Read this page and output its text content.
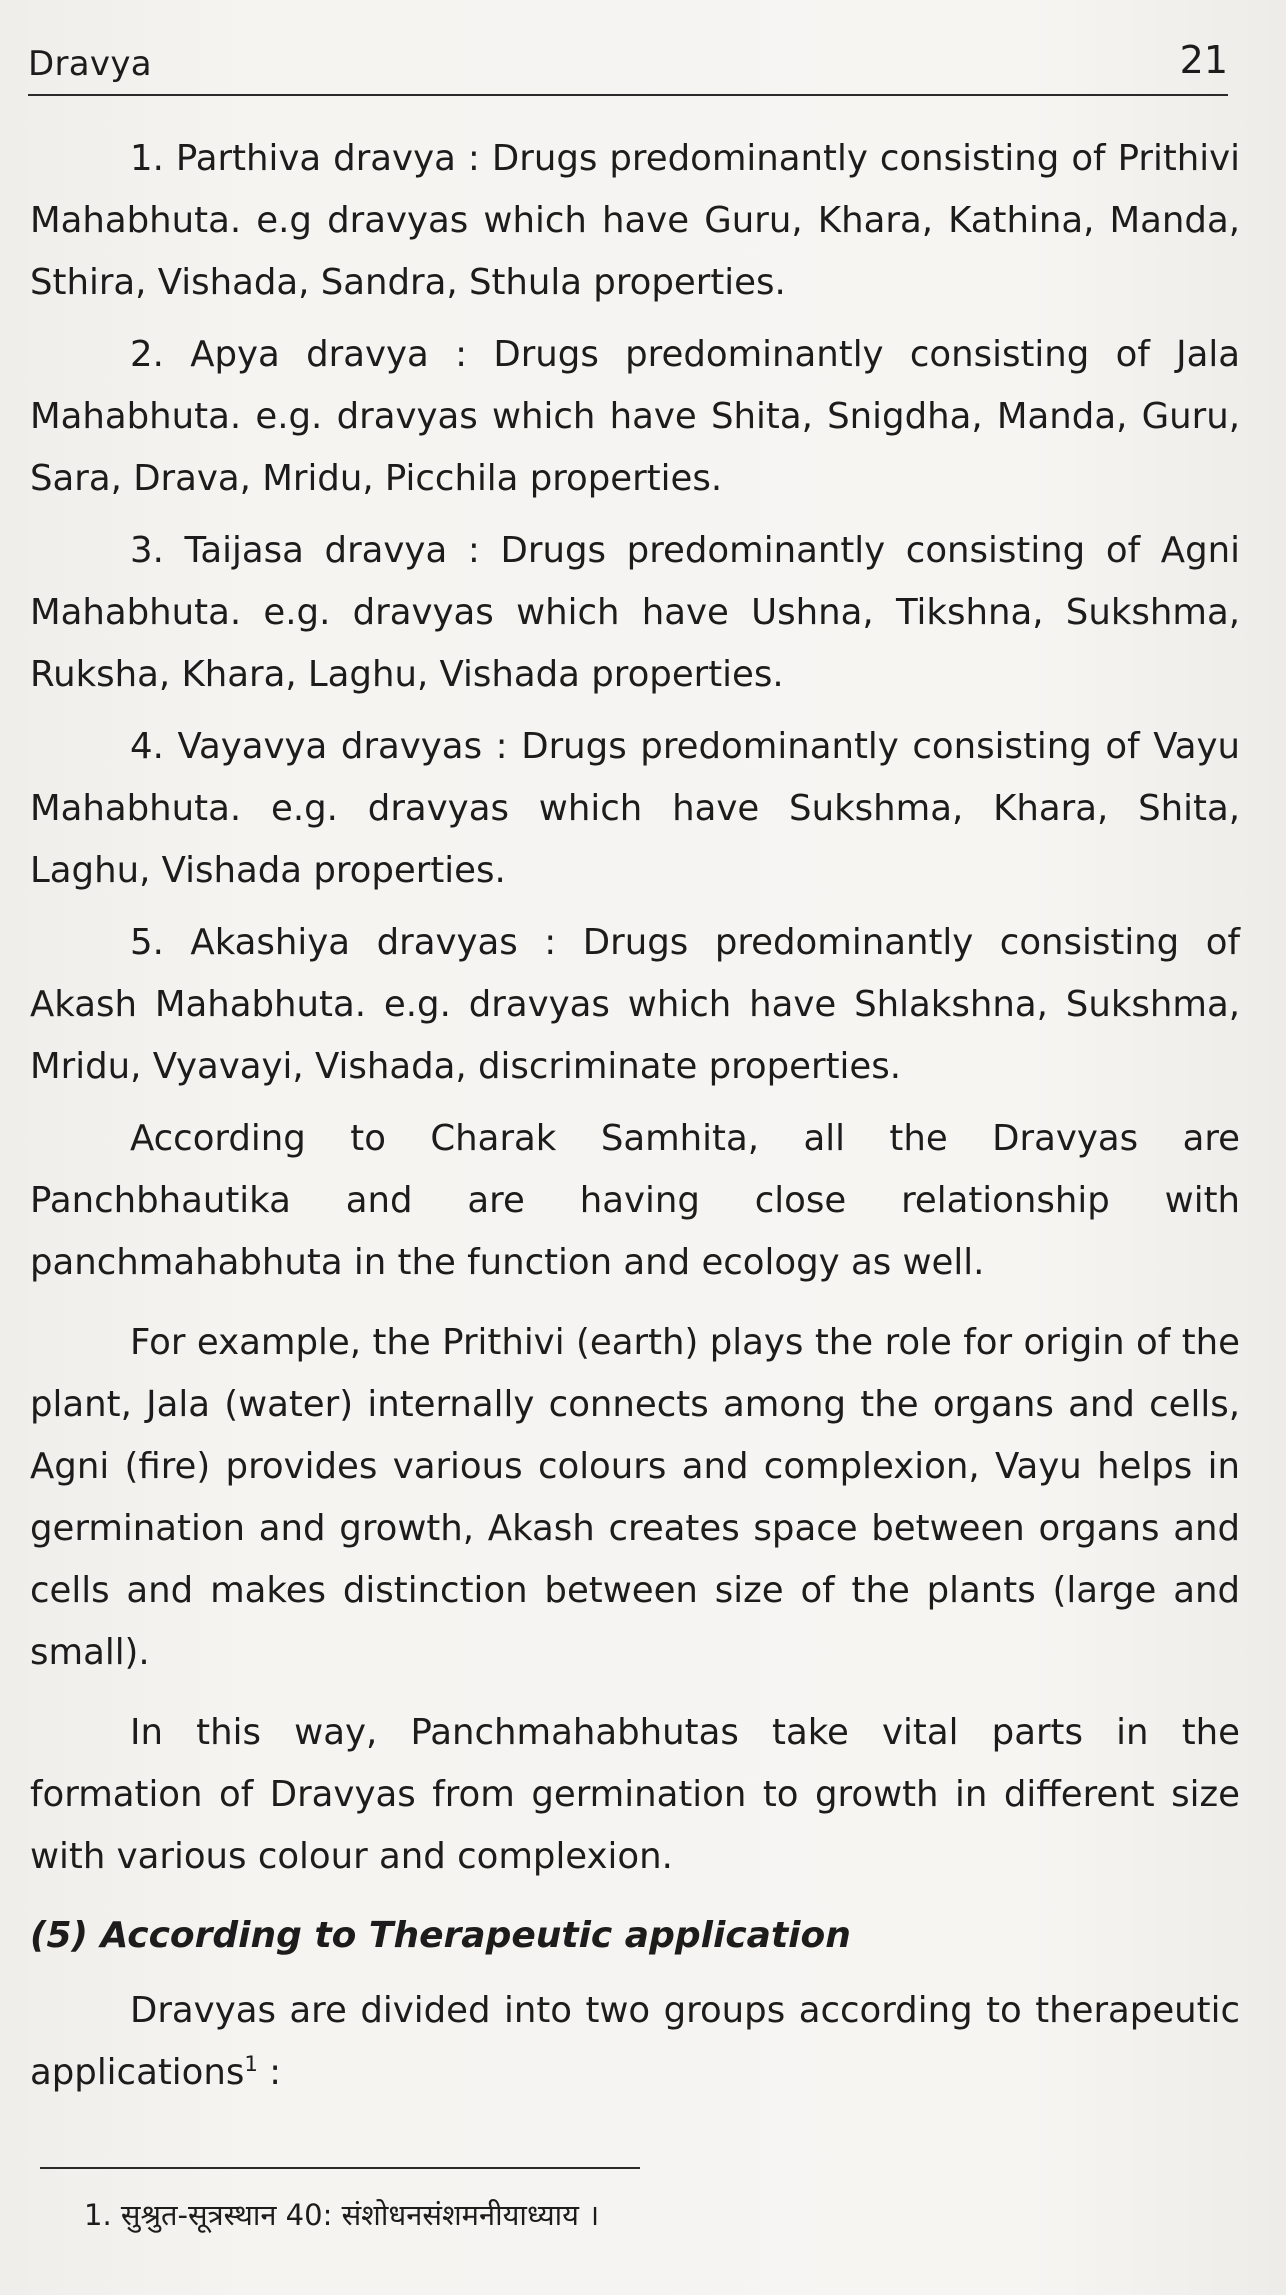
Dravya	21

1. Parthiva dravya : Drugs predominantly consisting of Prithivi Mahabhuta. e.g dravyas which have Guru, Khara, Kathina, Manda, Sthira, Vishada, Sandra, Sthula properties.

2. Apya dravya : Drugs predominantly consisting of Jala Mahabhuta. e.g. dravyas which have Shita, Snigdha, Manda, Guru, Sara, Drava, Mridu, Picchila properties.

3. Taijasa dravya : Drugs predominantly consisting of Agni Mahabhuta. e.g. dravyas which have Ushna, Tikshna, Sukshma, Ruksha, Khara, Laghu, Vishada properties.

4. Vayavya dravyas : Drugs predominantly consisting of Vayu Mahabhuta. e.g. dravyas which have Sukshma, Khara, Shita, Laghu, Vishada properties.

5. Akashiya dravyas : Drugs predominantly consisting of Akash Mahabhuta. e.g. dravyas which have Shlakshna, Sukshma, Mridu, Vyavayi, Vishada, discriminate properties.

According to Charak Samhita, all the Dravyas are Panchbhautika and are having close relationship with panchmahabhuta in the function and ecology as well.

For example, the Prithivi (earth) plays the role for origin of the plant, Jala (water) internally connects among the organs and cells, Agni (fire) provides various colours and complexion, Vayu helps in germination and growth, Akash creates space between organs and cells and makes distinction between size of the plants (large and small).

In this way, Panchmahabhutas take vital parts in the formation of Dravyas from germination to growth in different size with various colour and complexion.

(5) According to Therapeutic application

Dravyas are divided into two groups according to therapeutic applications$^1$ :

1. सुश्रुत-सूत्रस्थान 40: संशोधनसंशमनीयाध्याय ।
